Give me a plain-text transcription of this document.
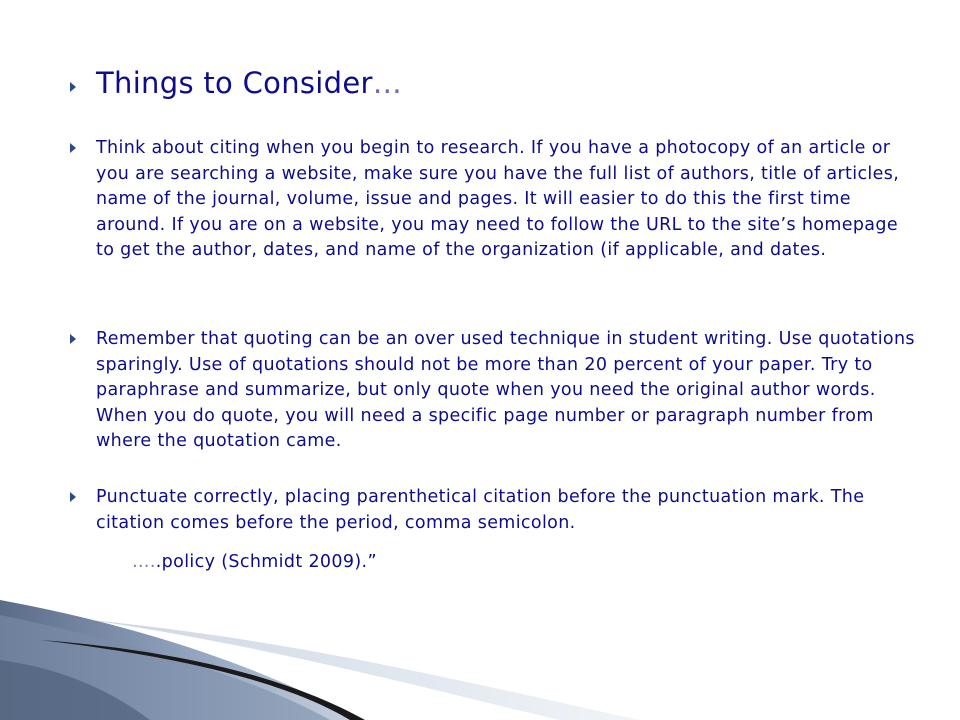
Things to Consider…

Think about citing when you begin to research. If you have a photocopy of an article or you are searching a website, make sure you have the full list of authors, title of articles, name of the journal, volume, issue and pages. It will easier to do this the first time around. If you are on a website, you may need to follow the URL to the site’s homepage to get the author, dates, and name of the organization (if applicable, and dates.

Remember that quoting can be an over used technique in student writing. Use quotations sparingly. Use of quotations should not be more than 20 percent of your paper. Try to paraphrase and summarize, but only quote when you need the original author words. When you do quote, you will need a specific page number or paragraph number from where the quotation came.

Punctuate correctly, placing parenthetical citation before the punctuation mark. The citation comes before the period, comma semicolon.

…..policy (Schmidt 2009).”
